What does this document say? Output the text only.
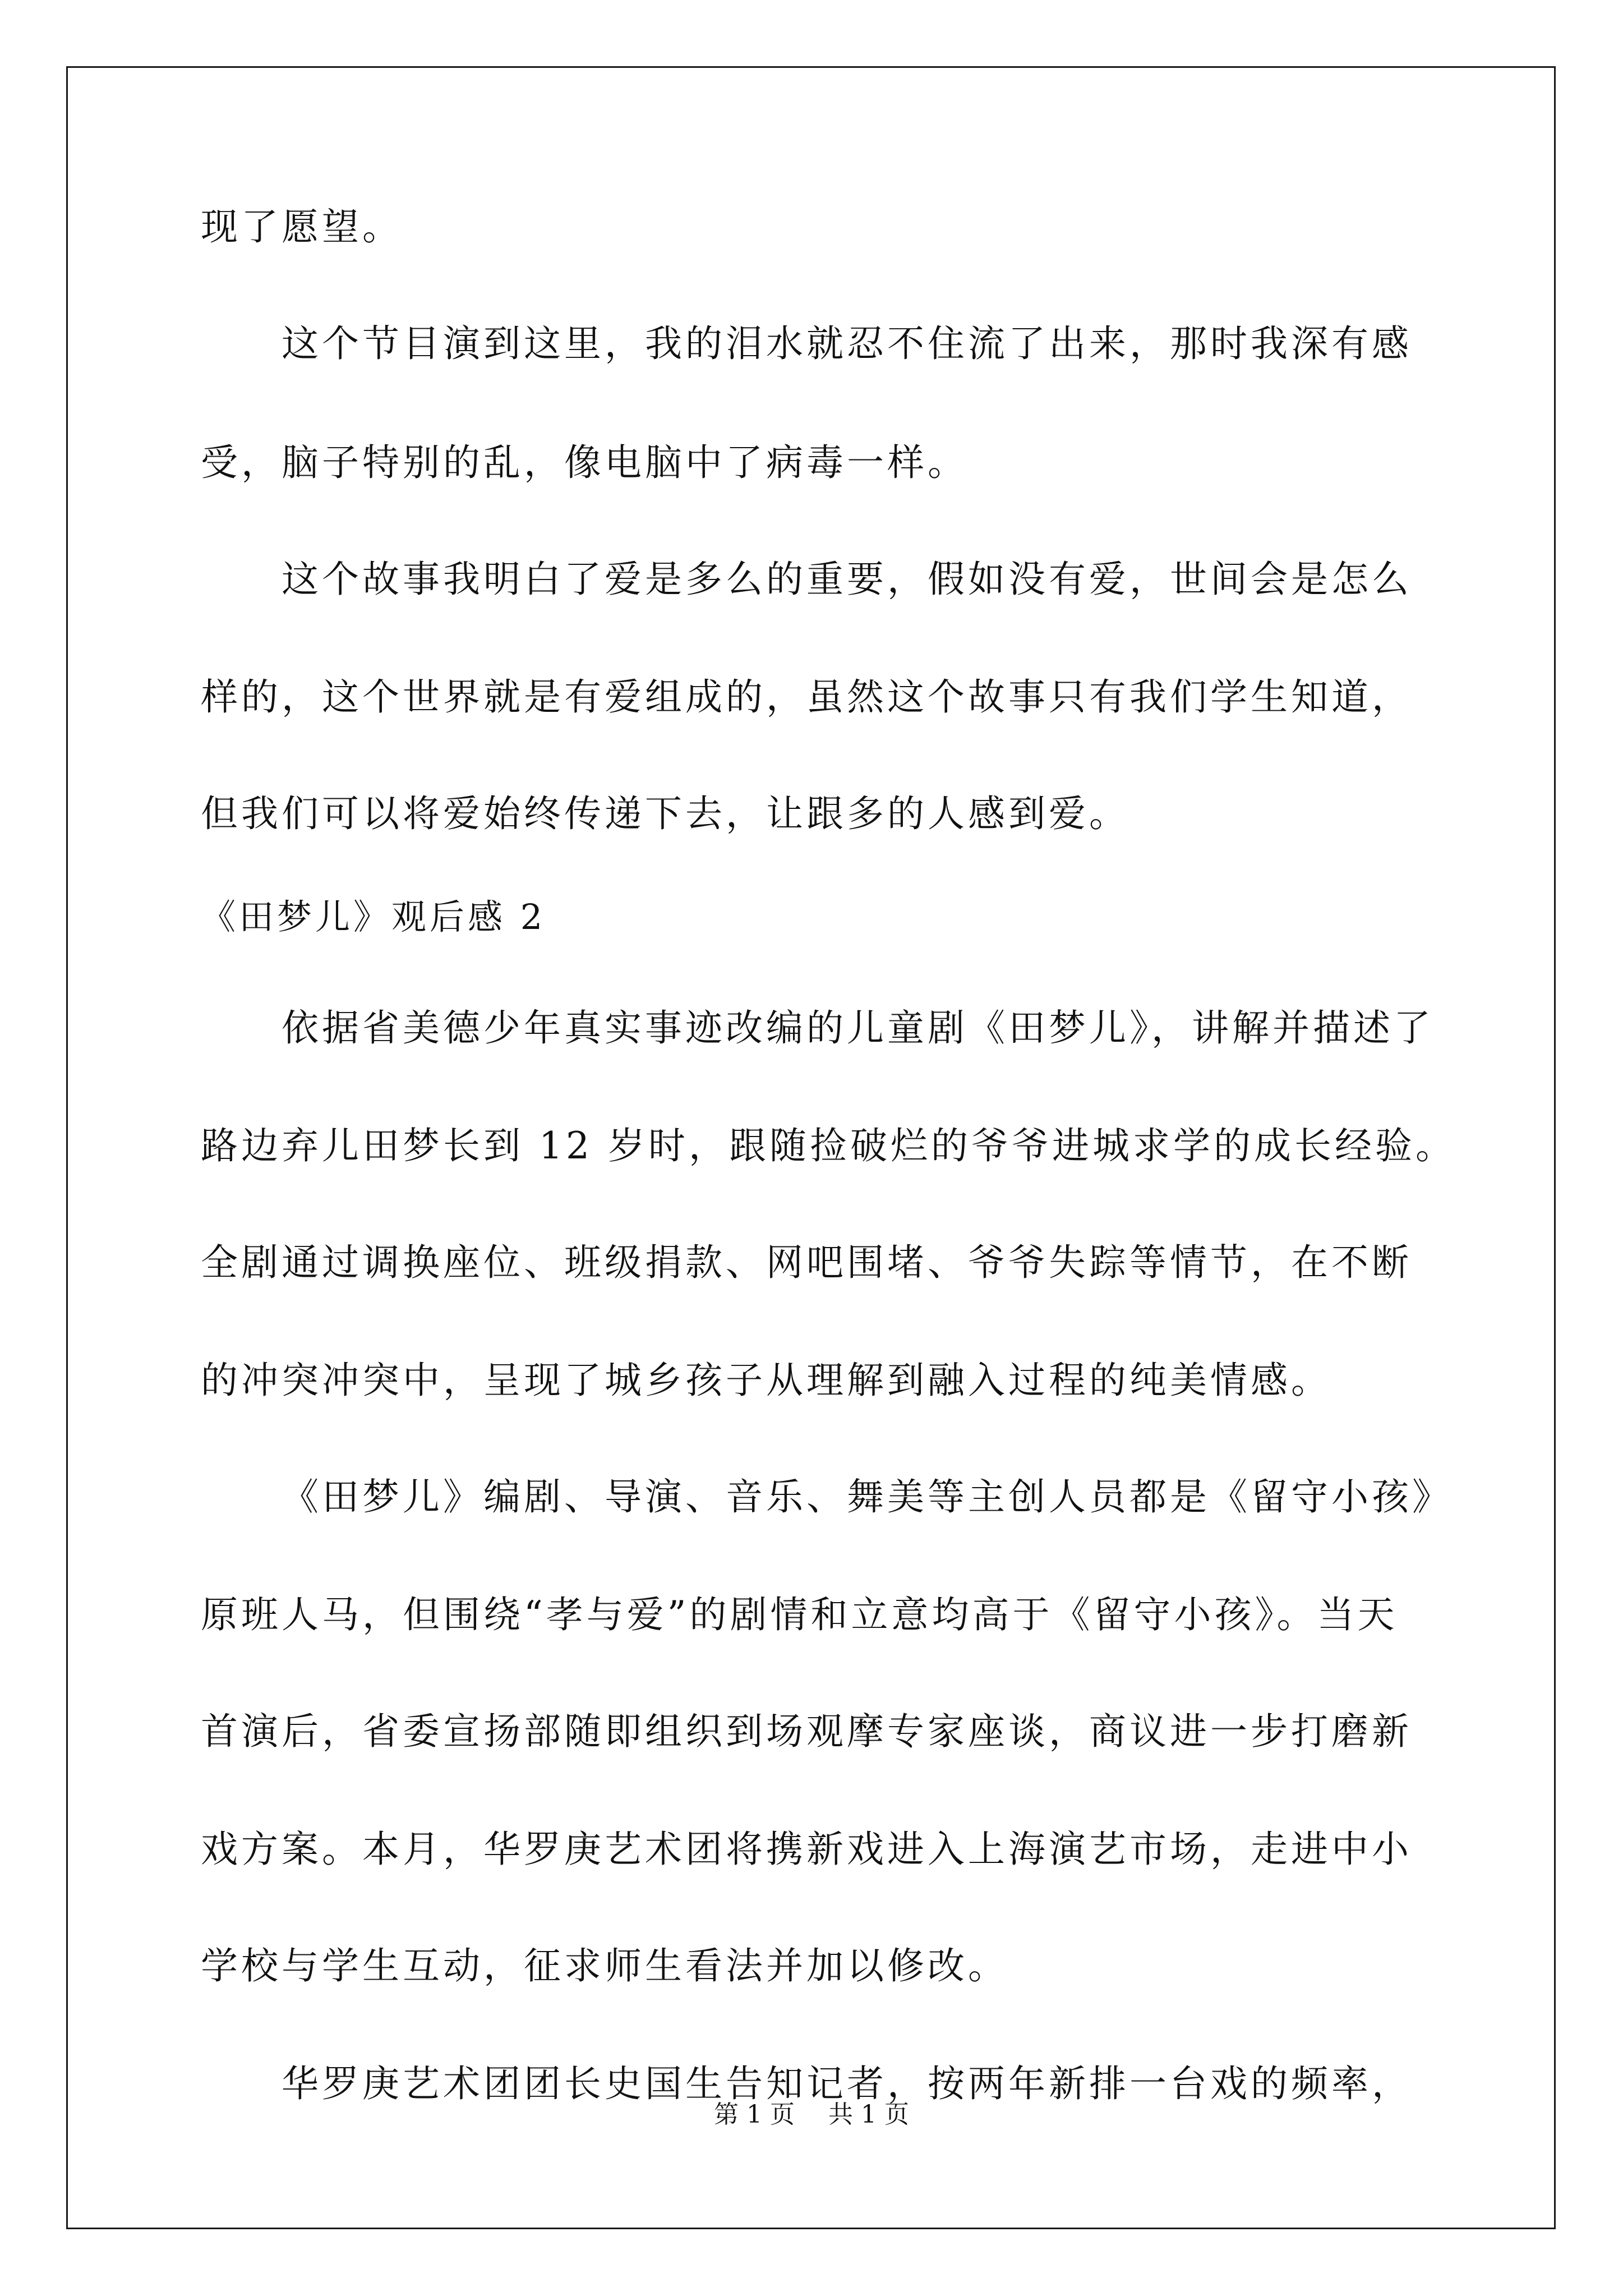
现了愿望。
这个节目演到这里，我的泪水就忍不住流了出来，那时我深有感
受，脑子特别的乱，像电脑中了病毒一样。
这个故事我明白了爱是多么的重要，假如没有爱，世间会是怎么
样的，这个世界就是有爱组成的，虽然这个故事只有我们学生知道，
但我们可以将爱始终传递下去，让跟多的人感到爱。
《田梦儿》观后感 2
依据省美德少年真实事迹改编的儿童剧《田梦儿》，讲解并描述了
路边弃儿田梦长到 12 岁时，跟随捡破烂的爷爷进城求学的成长经验。
全剧通过调换座位、班级捐款、网吧围堵、爷爷失踪等情节，在不断
的冲突冲突中，呈现了城乡孩子从理解到融入过程的纯美情感。
《田梦儿》编剧、导演、音乐、舞美等主创人员都是《留守小孩》
原班人马，但围绕“孝与爱”的剧情和立意均高于《留守小孩》。当天
首演后，省委宣扬部随即组织到场观摩专家座谈，商议进一步打磨新
戏方案。本月，华罗庚艺术团将携新戏进入上海演艺市场，走进中小
学校与学生互动，征求师生看法并加以修改。
华罗庚艺术团团长史国生告知记者，按两年新排一台戏的频率，
第 1 页 共 1 页
